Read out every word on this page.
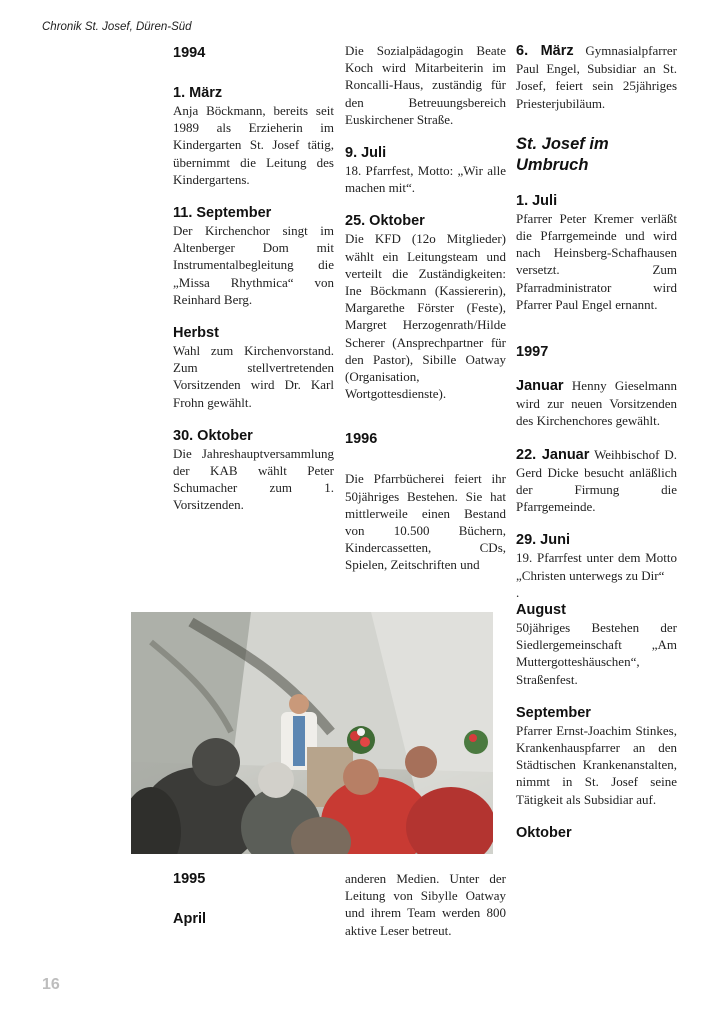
Chronik St. Josef, Düren-Süd

1994

1. März

Anja Böckmann, bereits seit 1989 als Erzieherin im Kindergarten St. Josef tätig, übernimmt die Leitung des Kindergartens.

11. September

Der Kirchenchor singt im Altenberger Dom mit Instrumentalbegleitung die „Missa Rhythmica“ von Reinhard Berg.

Herbst

Wahl zum Kirchenvorstand. Zum stellvertretenden Vorsitzenden wird Dr. Karl Frohn gewählt.

30. Oktober

Die Jahreshauptversammlung der KAB wählt Peter Schumacher zum 1. Vorsitzenden.

Die Sozialpädagogin Beate Koch wird Mitarbeiterin im Roncalli-Haus, zuständig für den Betreuungsbereich Euskirchener Straße.

9. Juli

18. Pfarrfest, Motto: „Wir alle machen mit“.

25. Oktober

Die KFD (12o Mitglieder) wählt ein Leitungsteam und verteilt die Zuständigkeiten: Ine Böckmann (Kassiererin), Margarethe Förster (Feste), Margret Herzogenrath/Hilde Scherer (Ansprechpartner für den Pastor), Sibille Oatway (Organisation, Wortgottesdienste).

1996

Die Pfarrbücherei feiert ihr 50jähriges Bestehen. Sie hat mittlerweile einen Bestand von 10.500 Büchern, Kindercassetten, CDs, Spielen, Zeitschriften und

6. März Gymnasialpfarrer Paul Engel, Subsidiar an St. Josef, feiert sein 25jähriges Priesterjubiläum.

St. Josef im Umbruch

1. Juli

Pfarrer Peter Kremer verläßt die Pfarrgemeinde und wird nach Heinsberg-Schafhausen versetzt. Zum Pfarradministrator wird Pfarrer Paul Engel ernannt.

1997

Januar Henny Gieselmann wird zur neuen Vorsitzenden des Kirchenchores gewählt.

22. Januar Weihbischof D. Gerd Dicke besucht anläßlich der Firmung die Pfarrgemeinde.

29. Juni

19. Pfarrfest unter dem Motto „Christen unterwegs zu Dir“

.

August

50jähriges Bestehen der Siedlergemeinschaft „Am Muttergotteshäuschen“, Straßenfest.

September

Pfarrer Ernst-Joachim Stinkes, Krankenhauspfarrer an den Städtischen Krankenanstalten, nimmt in St. Josef seine Tätigkeit als Subsidiar auf.

Oktober

1995

April

anderen Medien. Unter der Leitung von Sibylle Oatway und ihrem Team werden 800 aktive Leser betreut.

16
